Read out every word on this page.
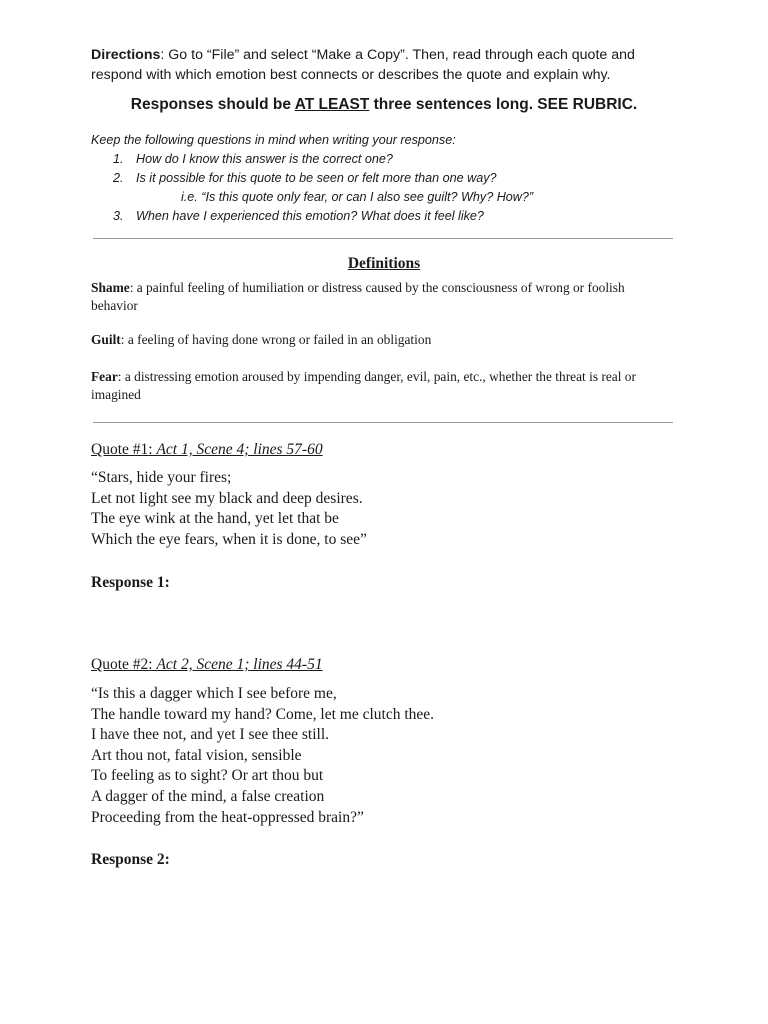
Directions: Go to “File” and select “Make a Copy”. Then, read through each quote and respond with which emotion best connects or describes the quote and explain why.
Responses should be AT LEAST three sentences long. SEE RUBRIC.
Keep the following questions in mind when writing your response:
1. How do I know this answer is the correct one?
2. Is it possible for this quote to be seen or felt more than one way?
i.e. “Is this quote only fear, or can I also see guilt? Why? How?”
3. When have I experienced this emotion? What does it feel like?
Definitions
Shame: a painful feeling of humiliation or distress caused by the consciousness of wrong or foolish behavior
Guilt: a feeling of having done wrong or failed in an obligation
Fear: a distressing emotion aroused by impending danger, evil, pain, etc., whether the threat is real or imagined
Quote #1: Act 1, Scene 4; lines 57-60
“Stars, hide your fires;
Let not light see my black and deep desires.
The eye wink at the hand, yet let that be
Which the eye fears, when it is done, to see”
Response 1:
Quote #2: Act 2, Scene 1; lines 44-51
“Is this a dagger which I see before me,
The handle toward my hand? Come, let me clutch thee.
I have thee not, and yet I see thee still.
Art thou not, fatal vision, sensible
To feeling as to sight? Or art thou but
A dagger of the mind, a false creation
Proceeding from the heat-oppressed brain?”
Response 2:
